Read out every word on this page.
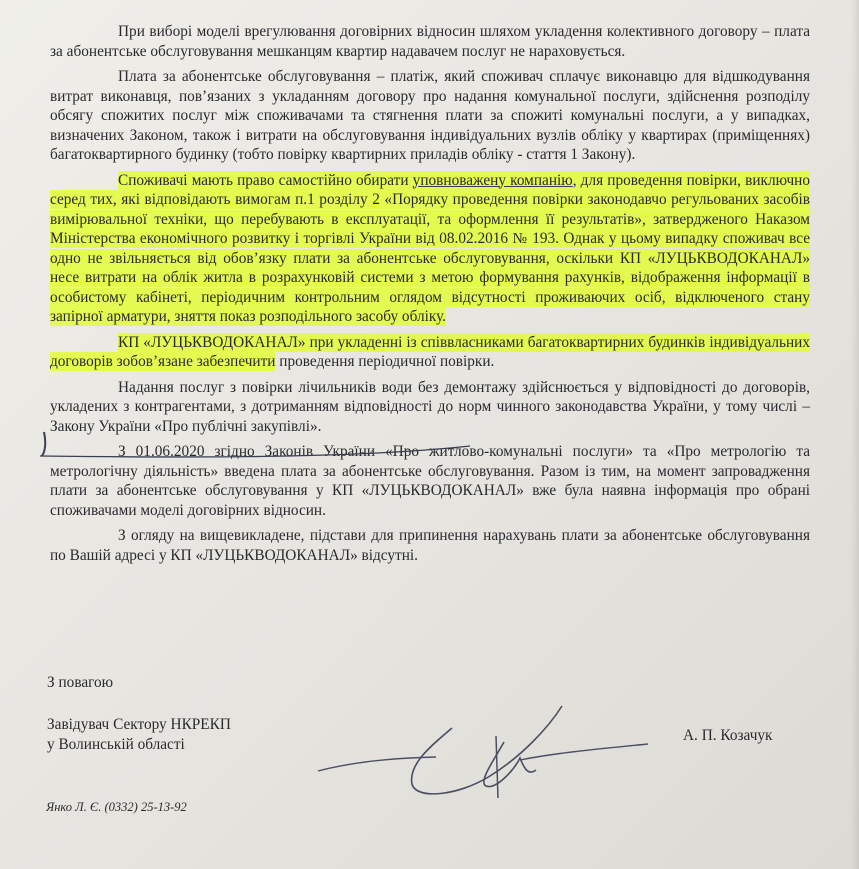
При виборі моделі врегулювання договірних відносин шляхом укладення колективного договору – плата за абонентське обслуговування мешканцям квартир надавачем послуг не нараховується.

Плата за абонентське обслуговування – платіж, який споживач сплачує виконавцю для відшкодування витрат виконавця, пов’язаних з укладанням договору про надання комунальної послуги, здійснення розподілу обсягу спожитих послуг між споживачами та стягнення плати за спожиті комунальні послуги, а у випадках, визначених Законом, також і витрати на обслуговування індивідуальних вузлів обліку у квартирах (приміщеннях) багатоквартирного будинку (тобто повірку квартирних приладів обліку - стаття 1 Закону).

Споживачі мають право самостійно обирати уповноважену компанію, для проведення повірки, виключно серед тих, які відповідають вимогам п.1 розділу 2 «Порядку проведення повірки законодавчо регульованих засобів вимірювальної техніки, що перебувають в експлуатації, та оформлення її результатів», затвердженого Наказом Міністерства економічного розвитку і торгівлі України від 08.02.2016 № 193. Однак у цьому випадку споживач все одно не звільняється від обов’язку плати за абонентське обслуговування, оскільки КП «ЛУЦЬКВОДОКАНАЛ» несе витрати на облік житла в розрахунковій системи з метою формування рахунків, відображення інформації в особистому кабінеті, періодичним контрольним оглядом відсутності проживаючих осіб, відключеного стану запірної арматури, зняття показ розподільного засобу обліку.

КП «ЛУЦЬКВОДОКАНАЛ» при укладенні із співвласниками багатоквартирних будинків індивідуальних договорів зобов’язане забезпечити проведення періодичної повірки.

Надання послуг з повірки лічильників води без демонтажу здійснюється у відповідності до договорів, укладених з контрагентами, з дотриманням відповідності до норм чинного законодавства України, у тому числі – Закону України «Про публічні закупівлі».

З 01.06.2020 згідно Законів України «Про житлово-комунальні послуги» та «Про метрологію та метрологічну діяльність» введена плата за абонентське обслуговування. Разом із тим, на момент запровадження плати за абонентське обслуговування у КП «ЛУЦЬКВОДОКАНАЛ» вже була наявна інформація про обрані споживачами моделі договірних відносин.

З огляду на вищевикладене, підстави для припинення нарахувань плати за абонентське обслуговування по Вашій адресі у КП «ЛУЦЬКВОДОКАНАЛ» відсутні.

З повагою
Завідувач Сектору НКРЕКП
у Волинській області
А. П. Козачук
Янко Л. Є. (0332) 25-13-92
